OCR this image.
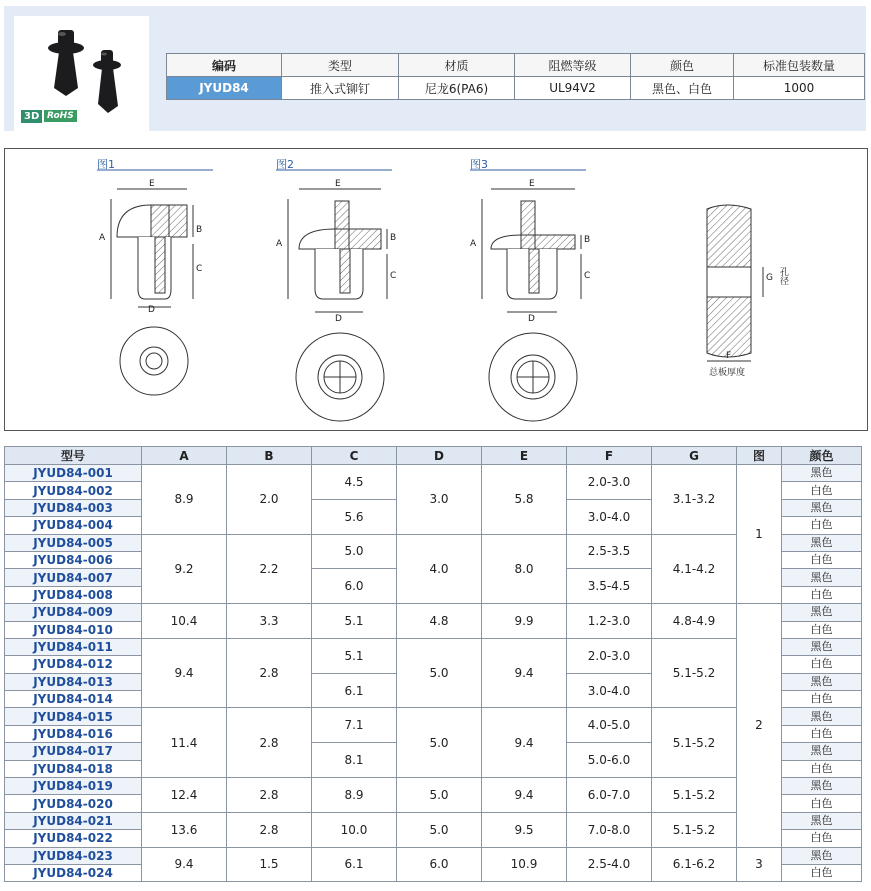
3D RoHS
编码	类型	材质	阻燃等级	颜色	标准包装数量
JYUD84	推入式铆钉	尼龙6(PA6)	UL94V2	黑色、白色	1000
图1	图2	图3
E
A
B
C
D
E
A
B
C
D
E
A	B
C
D
G 孔径
F
总板厚度
型号	A	B	C	D	E	F	G	图	颜色
JYUD84-001	8.9	2.0	4.5	3.0	5.8	2.0-3.0	3.1-3.2	1	黑色
JYUD84-002									白色
JYUD84-003			5.6			3.0-4.0			黑色
JYUD84-004									白色
JYUD84-005	9.2	2.2	5.0	4.0	8.0	2.5-3.5	4.1-4.2		黑色
JYUD84-006									白色
JYUD84-007			6.0			3.5-4.5			黑色
JYUD84-008									白色
JYUD84-009	10.4	3.3	5.1	4.8	9.9	1.2-3.0	4.8-4.9	2	黑色
JYUD84-010									白色
JYUD84-011	9.4	2.8	5.1	5.0	9.4	2.0-3.0	5.1-5.2		黑色
JYUD84-012									白色
JYUD84-013			6.1			3.0-4.0			黑色
JYUD84-014									白色
JYUD84-015	11.4	2.8	7.1	5.0	9.4	4.0-5.0	5.1-5.2		黑色
JYUD84-016									白色
JYUD84-017			8.1			5.0-6.0			黑色
JYUD84-018									白色
JYUD84-019	12.4	2.8	8.9	5.0	9.4	6.0-7.0	5.1-5.2		黑色
JYUD84-020									白色
JYUD84-021	13.6	2.8	10.0	5.0	9.5	7.0-8.0	5.1-5.2		黑色
JYUD84-022									白色
JYUD84-023	9.4	1.5	6.1	6.0	10.9	2.5-4.0	6.1-6.2	3	黑色
JYUD84-024									白色
